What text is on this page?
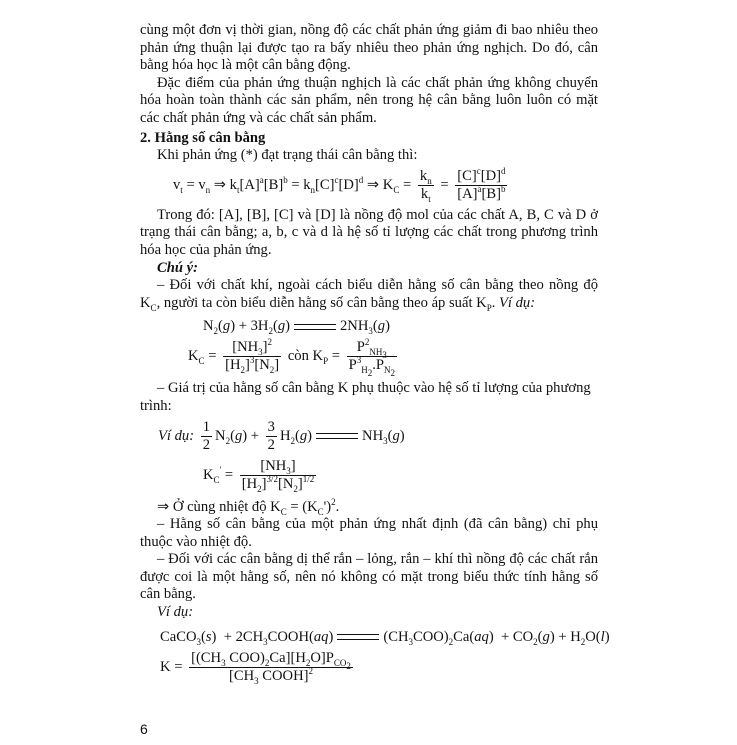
cùng một đơn vị thời gian, nồng độ các chất phản ứng giảm đi bao nhiêu theo phản ứng thuận lại được tạo ra bấy nhiêu theo phản ứng nghịch. Do đó, cân bằng hóa học là một cân bằng động.
Đặc điểm của phản ứng thuận nghịch là các chất phản ứng không chuyển hóa hoàn toàn thành các sản phẩm, nên trong hệ cân bằng luôn luôn có mặt các chất phản ứng và các chất sản phẩm.
2. Hằng số cân bằng
Khi phản ứng (*) đạt trạng thái cân bằng thì:
$v_t = v_n$ ⇒ $k_t[A]^a[B]^b = k_n[C]^c[D]^d$ ⇒ $K_C = \frac{k_n}{k_t} = \frac{[C]^c[D]^d}{[A]^a[B]^b}$
Trong đó: [A], [B], [C] và [D] là nồng độ mol của các chất A, B, C và D ở trạng thái cân bằng; a, b, c và d là hệ số tỉ lượng các chất trong phương trình hóa học của phản ứng.
Chú ý:
– Đối với chất khí, ngoài cách biểu diễn hằng số cân bằng theo nồng độ $K_C$, người ta còn biểu diễn hằng số cân bằng theo áp suất $K_P$. Ví dụ:
$N_2(g) + 3H_2(g)$	$2NH_3(g)$
$K_C = \frac{[NH_3]^2}{[H_2]^3[N_2]}$ còn $K_P = \frac{P^2_{NH_3}}{P^3_{H_2}.P_{N_2}}$
– Giá trị của hằng số cân bằng K phụ thuộc vào hệ số tỉ lượng của phương trình:
Ví dụ: $\frac{1}{2} N_2(g) + \frac{3}{2} H_2(g)$	$NH_3(g)$
$K_C' = \frac{[NH_3]}{[H_2]^{3/2}[N_2]^{1/2}}$
⇒ Ở cùng nhiệt độ $K_C = (K_C')^2$.
– Hằng số cân bằng của một phản ứng nhất định (đã cân bằng) chỉ phụ thuộc vào nhiệt độ.
– Đối với các cân bằng dị thể rắn – lỏng, rắn – khí thì nồng độ các chất rắn được coi là một hằng số, nên nó không có mặt trong biểu thức tính hằng số cân bằng.
Ví dụ:
CaCO$_3$(s)  + $2CH_3COOH(aq)$	$(CH_3COO)_2Ca(aq) + CO_2(g) + H_2O(l)$
$K = \frac{[(CH_3 COO)_2Ca][H_2O]P_{CO_2}}{[CH_3 COOH]^2}$
6
